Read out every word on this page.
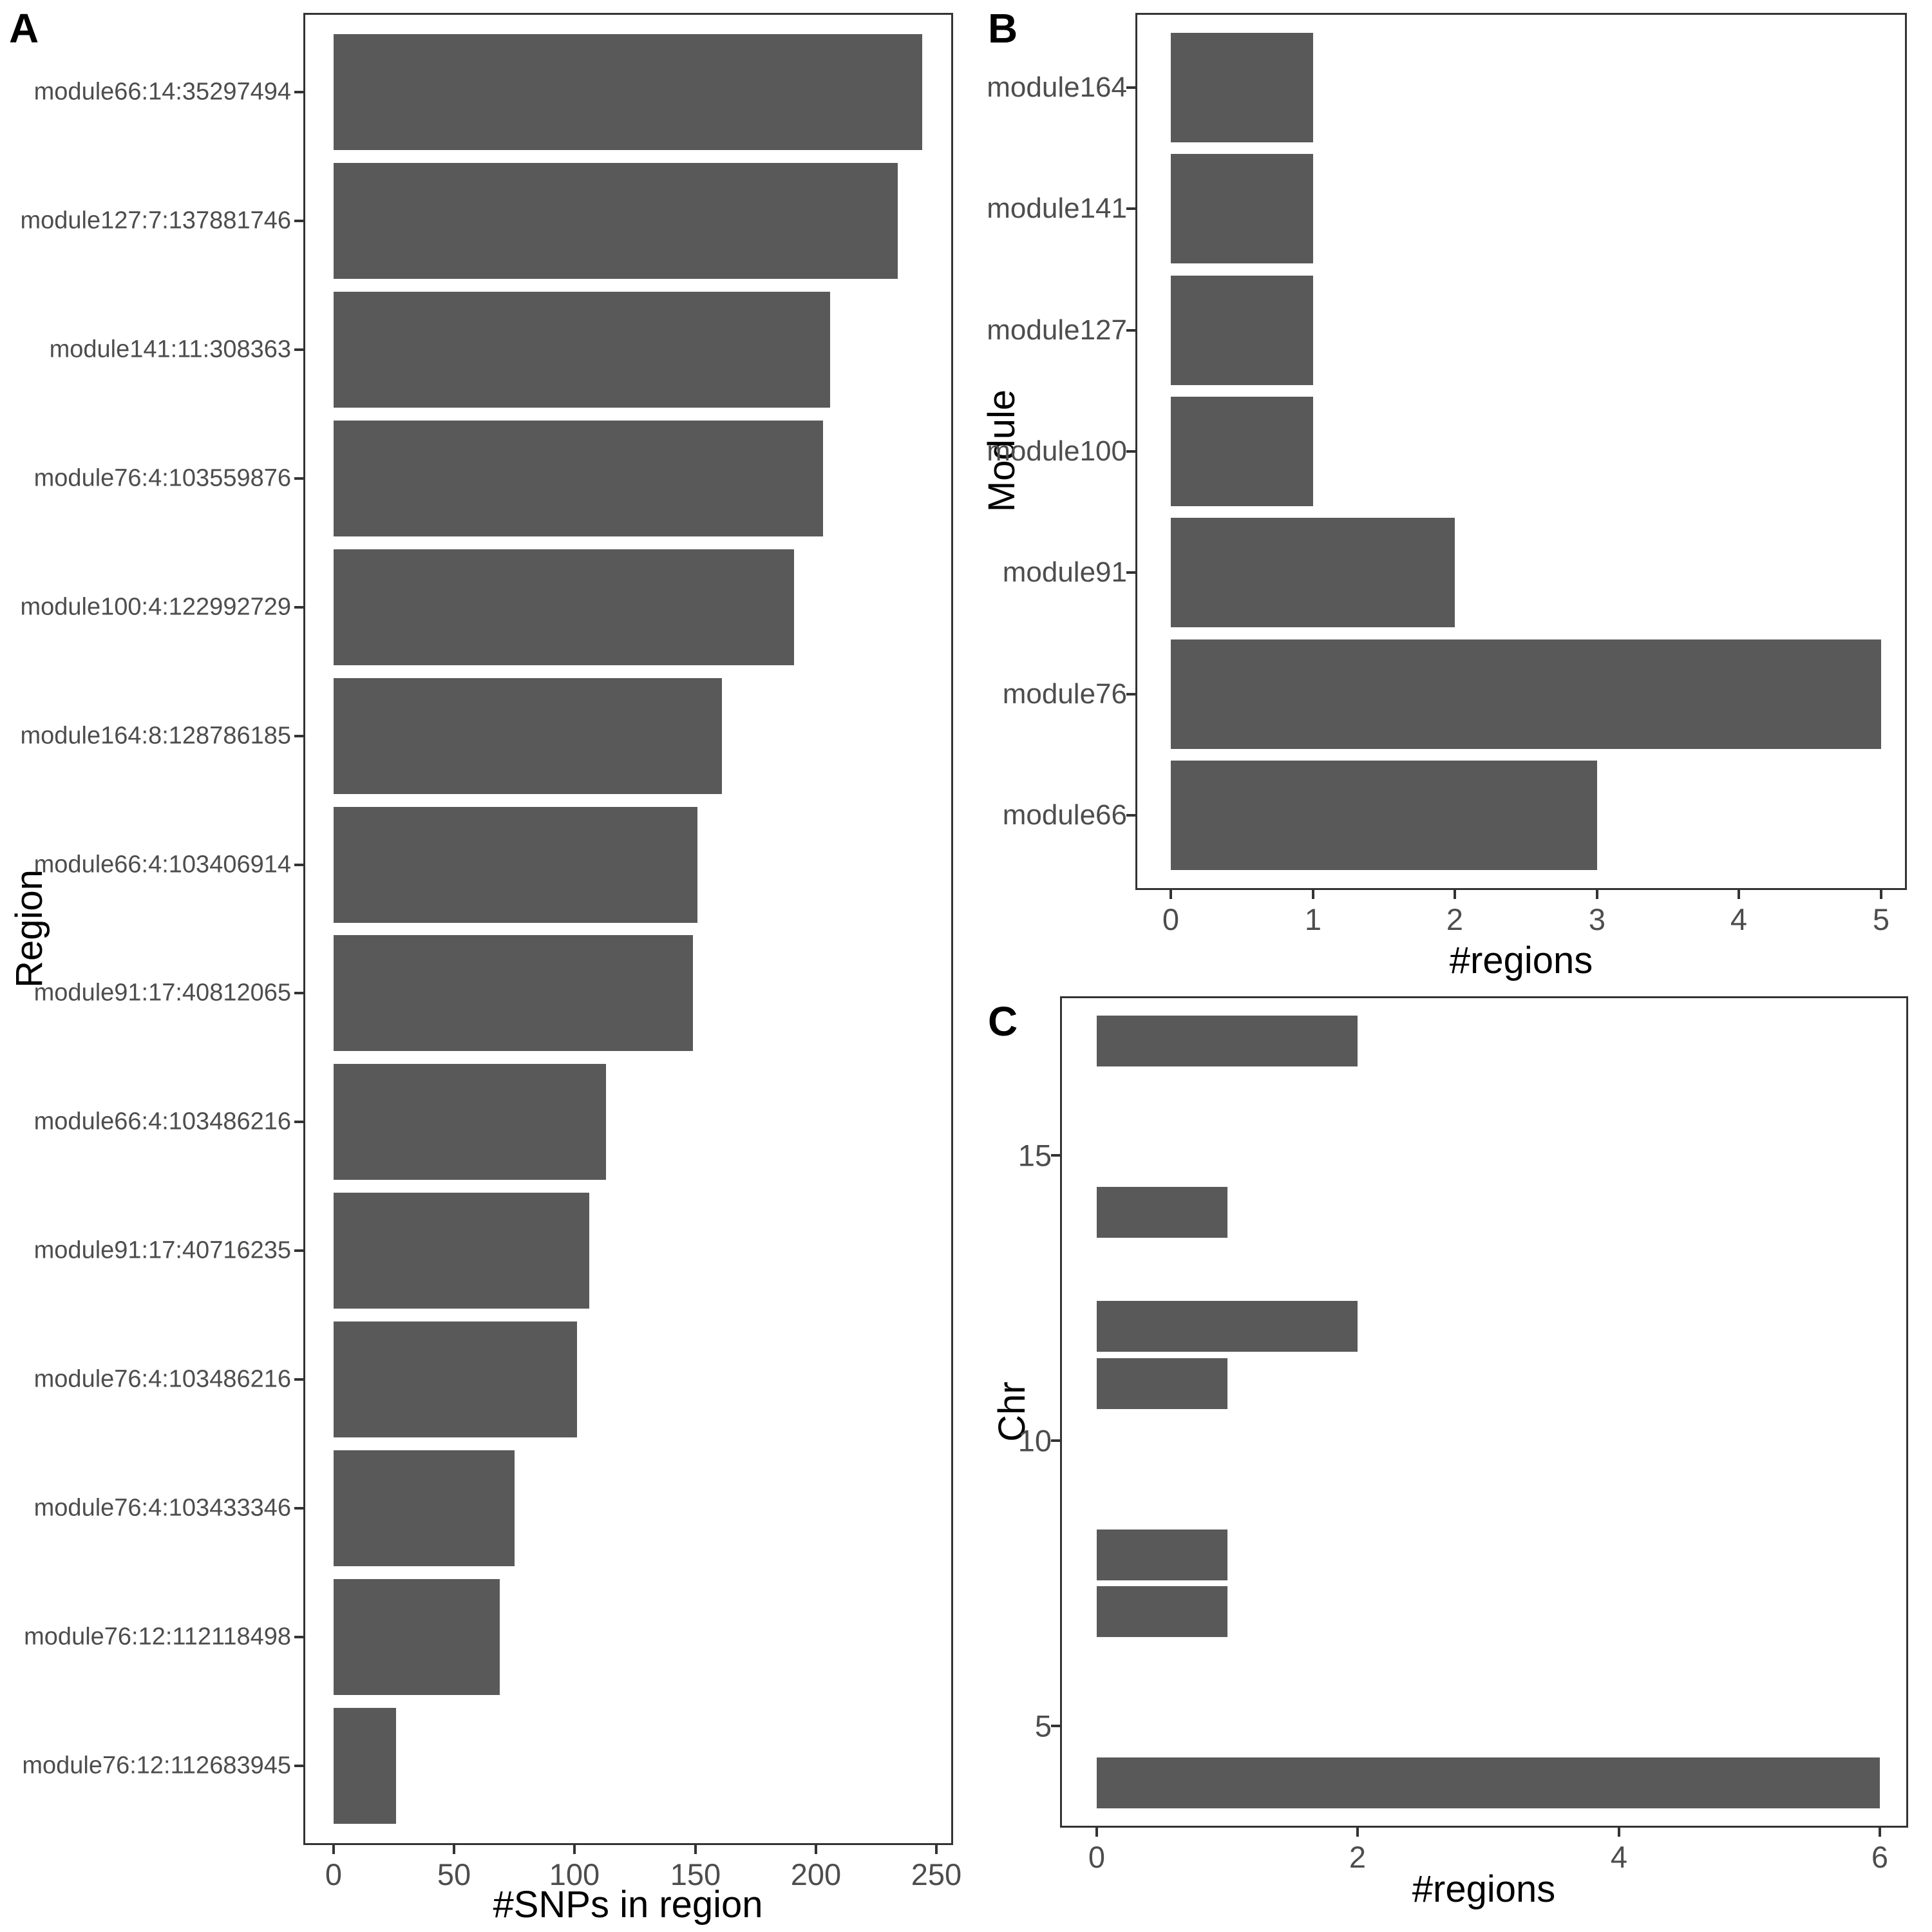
A
Region
#SNPs in region
B
Module
#regions
C
Chr
#regions
module66:14:35297494
module127:7:137881746
module141:11:308363
module76:4:103559876
module100:4:122992729
module164:8:128786185
module66:4:103406914
module91:17:40812065
module66:4:103486216
module91:17:40716235
module76:4:103486216
module76:4:103433346
module76:12:112118498
module76:12:112683945
0	50	100	150	200	250
module164
module141
module127
module100
module91
module76
module66
0	1	2	3	4	5
5
10
15
0	2	4	6
